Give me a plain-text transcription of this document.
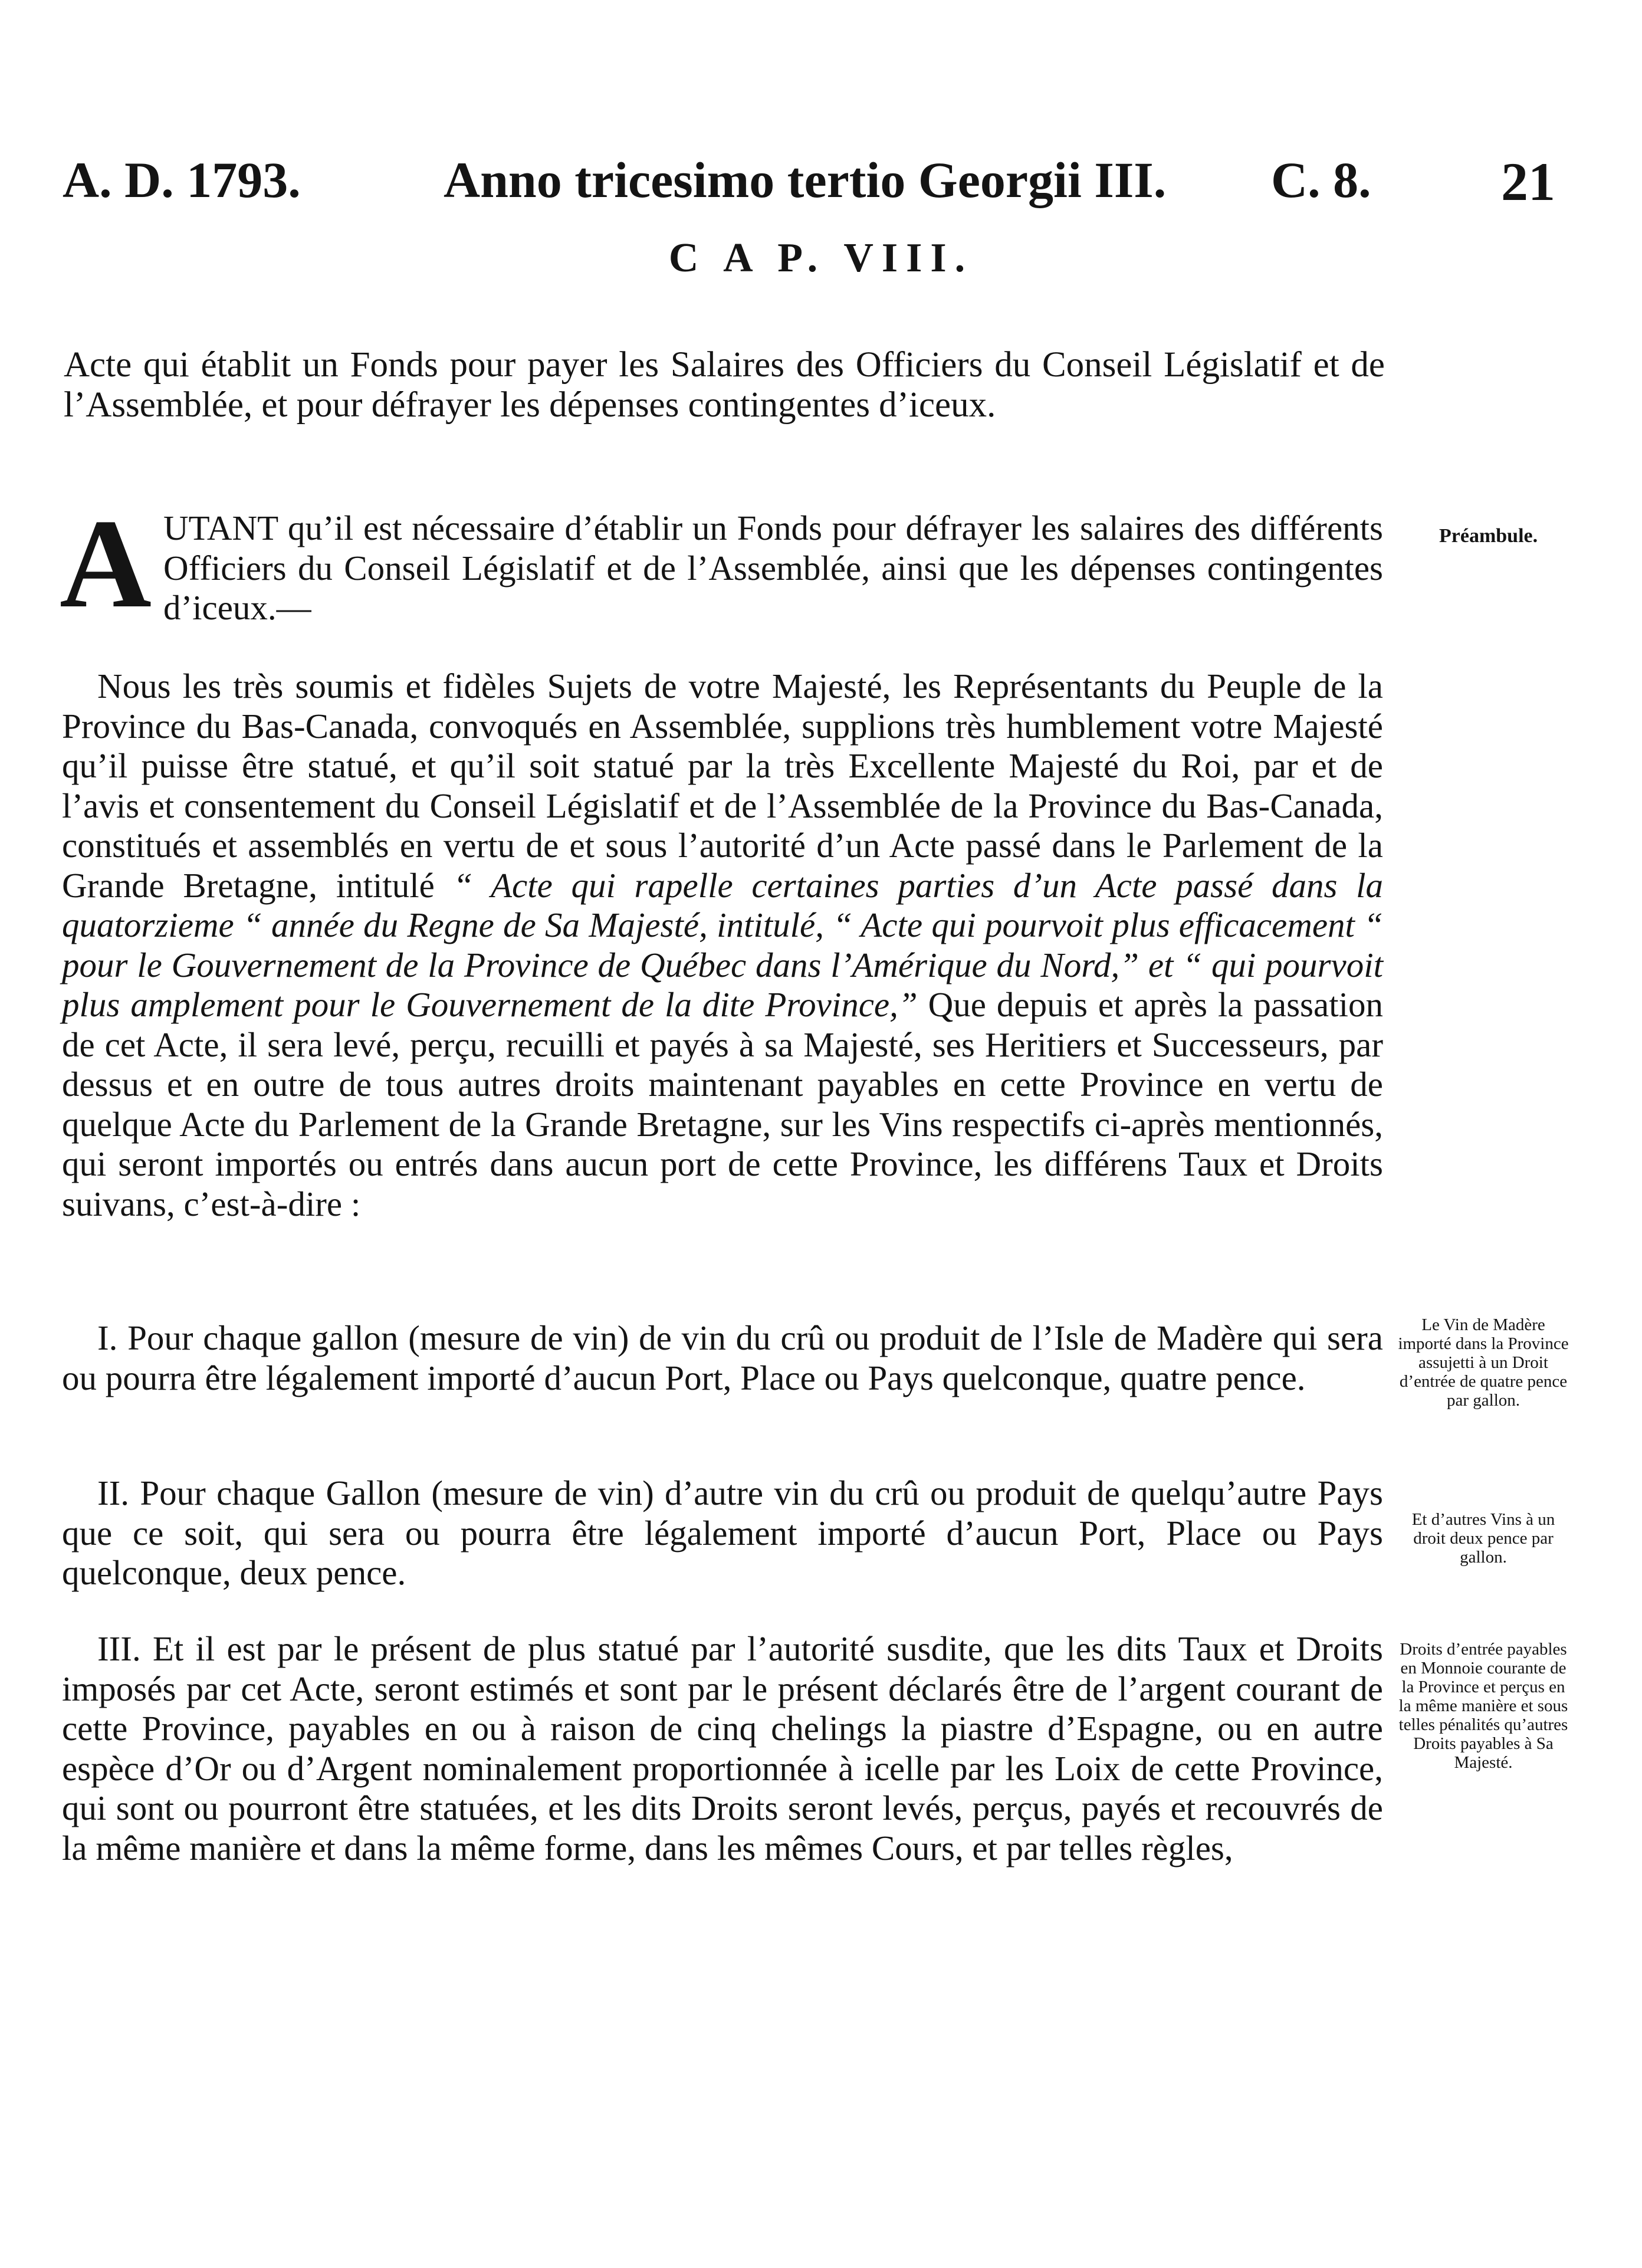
A. D. 1793.	Anno tricesimo tertio Georgii III. C. 8. 21
C A P. VIII.
Acte qui établit un Fonds pour payer les Salaires des Officiers du Conseil Législatif et de l’Assemblée, et pour défrayer les dépenses contingentes d’iceux.
AUTANT qu’il est nécessaire d’établir un Fonds pour défrayer les salaires des différents Officiers du Conseil Législatif et de l’Assemblée, ainsi que les dépenses contingentes d’iceux.—
Nous les très soumis et fidèles Sujets de votre Majesté, les Représentants du Peuple de la Province du Bas-Canada, convoqués en Assemblée, supplions très humblement votre Majesté qu’il puisse être statué, et qu’il soit statué par la très Excellente Majesté du Roi, par et de l’avis et consentement du Conseil Législatif et de l’Assemblée de la Province du Bas-Canada, constitués et assemblés en vertu de et sous l’autorité d’un Acte passé dans le Parlement de la Grande Bretagne, intitulé “ Acte qui rapelle certaines parties d’un Acte passé dans la quatorzieme “ année du Regne de Sa Majesté, intitulé, “ Acte qui pourvoit plus efficacement “ pour le Gouvernement de la Province de Québec dans l’Amérique du Nord,” et “ qui pourvoit plus amplement pour le Gouvernement de la dite Province,” Que depuis et après la passation de cet Acte, il sera levé, perçu, recuilli et payés à sa Majesté, ses Heritiers et Successeurs, par dessus et en outre de tous autres droits maintenant payables en cette Province en vertu de quelque Acte du Parlement de la Grande Bretagne, sur les Vins respectifs ci-après mentionnés, qui seront importés ou entrés dans aucun port de cette Province, les différens Taux et Droits suivans, c’est-à-dire :
I. Pour chaque gallon (mesure de vin) de vin du crû ou produit de l’Isle de Madère qui sera ou pourra être légalement importé d’aucun Port, Place ou Pays quelconque, quatre pence.
II. Pour chaque Gallon (mesure de vin) d’autre vin du crû ou produit de quelqu’autre Pays que ce soit, qui sera ou pourra être légalement importé d’aucun Port, Place ou Pays quelconque, deux pence.
III. Et il est par le présent de plus statué par l’autorité susdite, que les dits Taux et Droits imposés par cet Acte, seront estimés et sont par le présent déclarés être de l’argent courant de cette Province, payables en ou à raison de cinq chelings la piastre d’Espagne, ou en autre espèce d’Or ou d’Argent nominalement proportionnée à icelle par les Loix de cette Province, qui sont ou pourront être statuées, et les dits Droits seront levés, perçus, payés et recouvrés de la même manière et dans la même forme, dans les mêmes Cours, et par telles règles,
Préambule.
Le Vin de Madère importé dans la Province assujetti à un Droit d’entrée de quatre pence par gallon.
Et d’autres Vins à un droit deux pence par gallon.
Droits d’entrée payables en Monnoie courante de la Province et perçus en la même manière et sous telles pénalités qu’autres Droits payables à Sa Majesté.
